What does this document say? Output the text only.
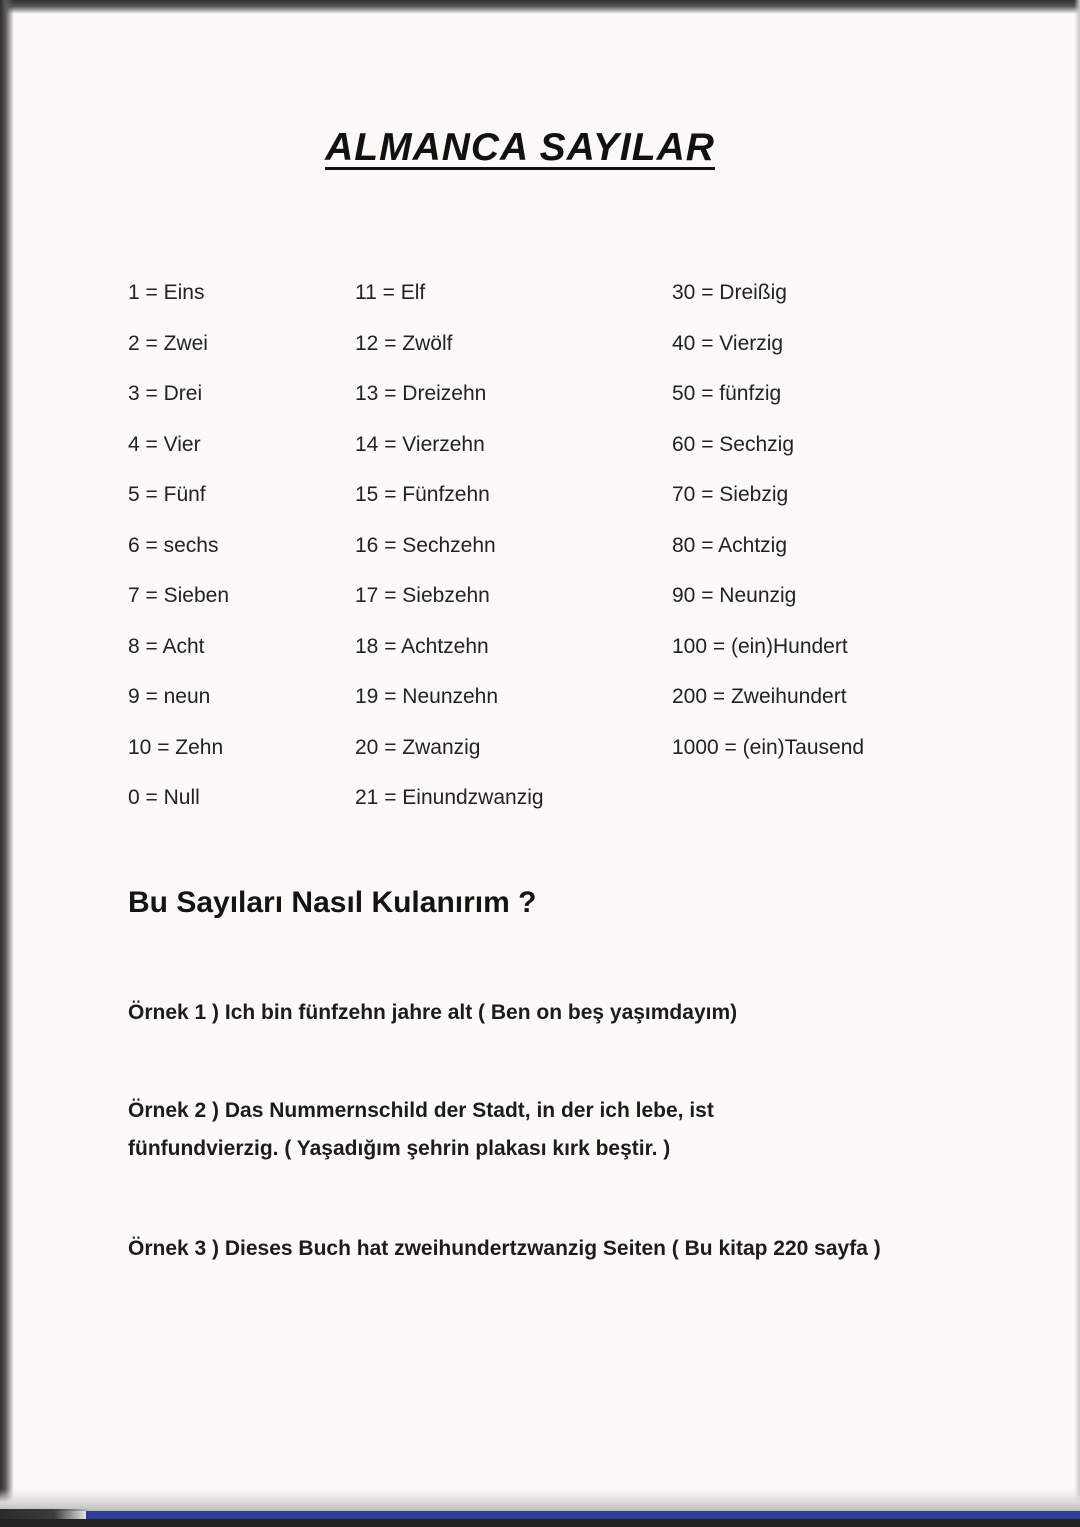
ALMANCA SAYILAR
1 = Eins
2 = Zwei
3 = Drei
4 = Vier
5 = Fünf
6 = sechs
7 = Sieben
8 = Acht
9 = neun
10 = Zehn
0 = Null
11 = Elf
12 = Zwölf
13 = Dreizehn
14 = Vierzehn
15 = Fünfzehn
16 = Sechzehn
17 = Siebzehn
18 = Achtzehn
19 = Neunzehn
20 = Zwanzig
21 = Einundzwanzig
30 = Dreißig
40 = Vierzig
50 = fünfzig
60 = Sechzig
70 = Siebzig
80 = Achtzig
90 = Neunzig
100 = (ein)Hundert
200 = Zweihundert
1000 = (ein)Tausend
Bu Sayıları Nasıl Kulanırım ?

Örnek 1 ) Ich bin fünfzehn jahre alt ( Ben on beş yaşımdayım)

Örnek 2 ) Das Nummernschild der Stadt, in der ich lebe, ist fünfundvierzig. ( Yaşadığım şehrin plakası kırk beştir. )

Örnek 3 ) Dieses Buch hat zweihundertzwanzig Seiten ( Bu kitap 220 sayfa )
